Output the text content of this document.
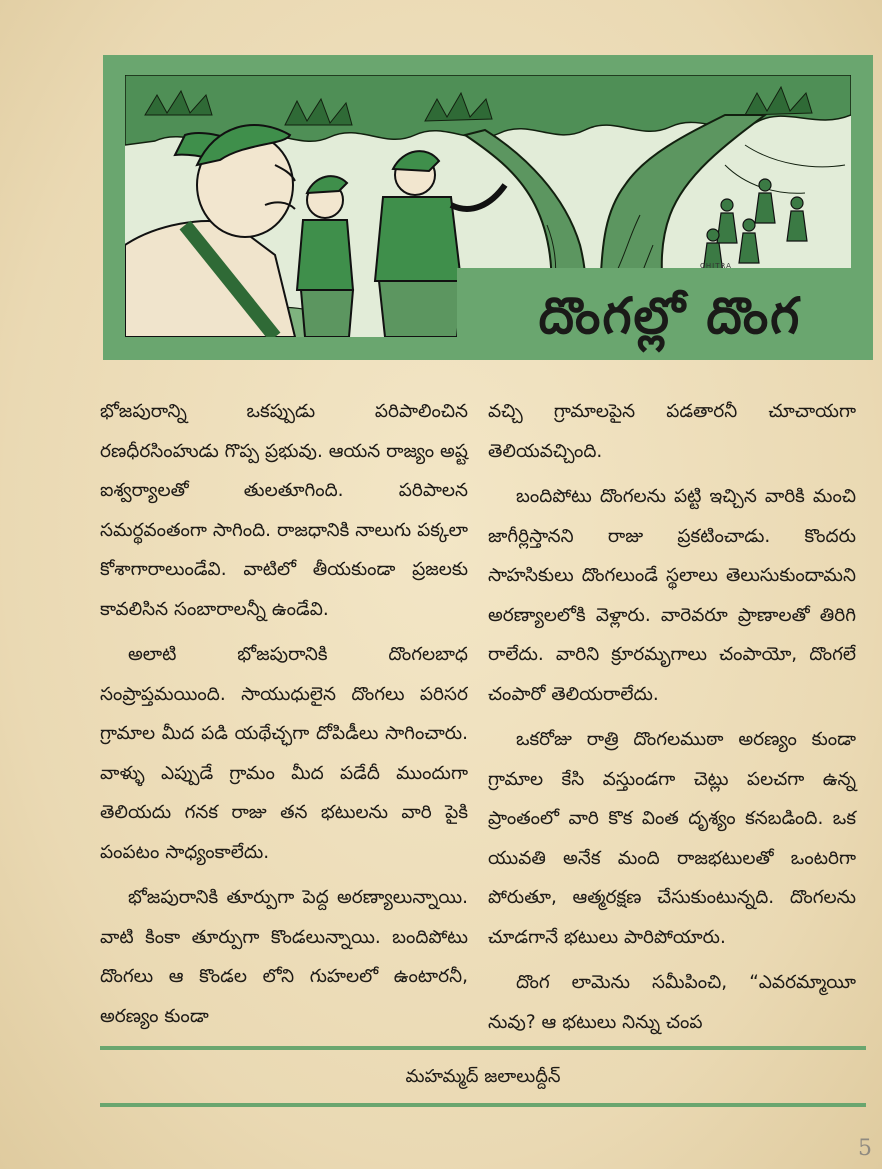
దొంగల్లో దొంగ
CHITRA

భోజపురాన్ని ఒకప్పుడు పరిపాలించిన రణధీరసింహుడు గొప్ప ప్రభువు. ఆయన రాజ్యం అష్ట ఐశ్వర్యాలతో తులతూగింది. పరిపాలన సమర్థవంతంగా సాగింది. రాజధానికి నాలుగు పక్కలా కోశాగారాలుండేవి. వాటిలో తీయకుండా ప్రజలకు కావలిసిన సంబారాలన్నీ ఉండేవి.

అలాటి భోజపురానికి దొంగలబాధ సంప్రాప్తమయింది. సాయుధులైన దొంగలు పరిసర గ్రామాల మీద పడి యథేచ్ఛగా దోపిడీలు సాగించారు. వాళ్ళు ఎప్పుడే గ్రామం మీద పడేదీ ముందుగా తెలియదు గనక రాజు తన భటులను వారి పైకి పంపటం సాధ్యంకాలేదు.

భోజపురానికి తూర్పుగా పెద్ద అరణ్యాలున్నాయి. వాటి కింకా తూర్పుగా కొండలున్నాయి. బందిపోటు దొంగలు ఆ కొండల లోని గుహలలో ఉంటారనీ, అరణ్యం కుండా

వచ్చి గ్రామాలపైన పడతారనీ చూచాయగా తెలియవచ్చింది.

బందిపోటు దొంగలను పట్టి ఇచ్చిన వారికి మంచి జాగీర్లిస్తానని రాజు ప్రకటించాడు. కొందరు సాహసికులు దొంగలుండే స్థలాలు తెలుసుకుందామని అరణ్యాలలోకి వెళ్లారు. వారెవరూ ప్రాణాలతో తిరిగి రాలేదు. వారిని క్రూరమృగాలు చంపాయో, దొంగలే చంపారో తెలియరాలేదు.

ఒకరోజు రాత్రి దొంగలముఠా అరణ్యం కుండా గ్రామాల కేసి వస్తుండగా చెట్లు పలచగా ఉన్న ప్రాంతంలో వారి కొక వింత దృశ్యం కనబడింది. ఒక యువతి అనేక మంది రాజభటులతో ఒంటరిగా పోరుతూ, ఆత్మరక్షణ చేసుకుంటున్నది. దొంగలను చూడగానే భటులు పారిపోయారు.

దొంగ లామెను సమీపించి, “ఎవరమ్మాయీ నువు? ఆ భటులు నిన్ను చంప

మహమ్మద్ జలాలుద్దీన్
5
